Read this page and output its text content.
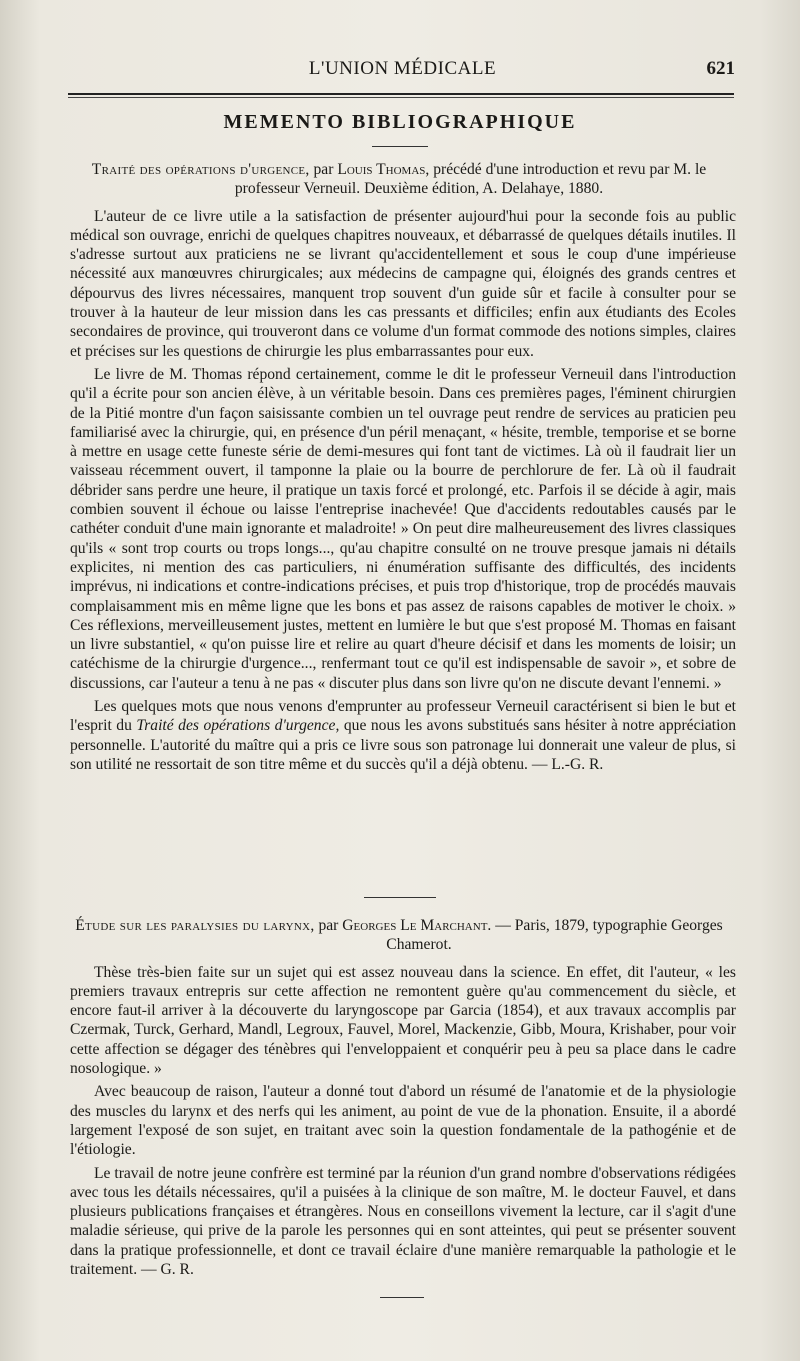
L'UNION MÉDICALE	621
MEMENTO BIBLIOGRAPHIQUE

Traité des opérations d'urgence, par Louis Thomas, précédé d'une introduction et revu par M. le professeur Verneuil. Deuxième édition, A. Delahaye, 1880.

L'auteur de ce livre utile a la satisfaction de présenter aujourd'hui pour la seconde fois au public médical son ouvrage, enrichi de quelques chapitres nouveaux, et débarrassé de quelques détails inutiles. Il s'adresse surtout aux praticiens ne se livrant qu'accidentellement et sous le coup d'une impérieuse nécessité aux manœuvres chirurgicales; aux médecins de campagne qui, éloignés des grands centres et dépourvus des livres nécessaires, manquent trop souvent d'un guide sûr et facile à consulter pour se trouver à la hauteur de leur mission dans les cas pressants et difficiles; enfin aux étudiants des Ecoles secondaires de province, qui trouveront dans ce volume d'un format commode des notions simples, claires et précises sur les questions de chirurgie les plus embarrassantes pour eux.

Le livre de M. Thomas répond certainement, comme le dit le professeur Verneuil dans l'introduction qu'il a écrite pour son ancien élève, à un véritable besoin. Dans ces premières pages, l'éminent chirurgien de la Pitié montre d'un façon saisissante combien un tel ouvrage peut rendre de services au praticien peu familiarisé avec la chirurgie, qui, en présence d'un péril menaçant, « hésite, tremble, temporise et se borne à mettre en usage cette funeste série de demi-mesures qui font tant de victimes. Là où il faudrait lier un vaisseau récemment ouvert, il tamponne la plaie ou la bourre de perchlorure de fer. Là où il faudrait débrider sans perdre une heure, il pratique un taxis forcé et prolongé, etc. Parfois il se décide à agir, mais combien souvent il échoue ou laisse l'entreprise inachevée! Que d'accidents redoutables causés par le cathéter conduit d'une main ignorante et maladroite! » On peut dire malheureusement des livres classiques qu'ils « sont trop courts ou trops longs..., qu'au chapitre consulté on ne trouve presque jamais ni détails explicites, ni mention des cas particuliers, ni énumération suffisante des difficultés, des incidents imprévus, ni indications et contre-indications précises, et puis trop d'historique, trop de procédés mauvais complaisamment mis en même ligne que les bons et pas assez de raisons capables de motiver le choix. » Ces réflexions, merveilleusement justes, mettent en lumière le but que s'est proposé M. Thomas en faisant un livre substantiel, « qu'on puisse lire et relire au quart d'heure décisif et dans les moments de loisir; un catéchisme de la chirurgie d'urgence..., renfermant tout ce qu'il est indispensable de savoir », et sobre de discussions, car l'auteur a tenu à ne pas « discuter plus dans son livre qu'on ne discute devant l'ennemi. »

Les quelques mots que nous venons d'emprunter au professeur Verneuil caractérisent si bien le but et l'esprit du Traité des opérations d'urgence, que nous les avons substitués sans hésiter à notre appréciation personnelle. L'autorité du maître qui a pris ce livre sous son patronage lui donnerait une valeur de plus, si son utilité ne ressortait de son titre même et du succès qu'il a déjà obtenu. — L.-G. R.

Étude sur les paralysies du larynx, par Georges Le Marchant. — Paris, 1879, typographie Georges Chamerot.

Thèse très-bien faite sur un sujet qui est assez nouveau dans la science. En effet, dit l'auteur, « les premiers travaux entrepris sur cette affection ne remontent guère qu'au commencement du siècle, et encore faut-il arriver à la découverte du laryngoscope par Garcia (1854), et aux travaux accomplis par Czermak, Turck, Gerhard, Mandl, Legroux, Fauvel, Morel, Mackenzie, Gibb, Moura, Krishaber, pour voir cette affection se dégager des ténèbres qui l'enveloppaient et conquérir peu à peu sa place dans le cadre nosologique. »

Avec beaucoup de raison, l'auteur a donné tout d'abord un résumé de l'anatomie et de la physiologie des muscles du larynx et des nerfs qui les animent, au point de vue de la phonation. Ensuite, il a abordé largement l'exposé de son sujet, en traitant avec soin la question fondamentale de la pathogénie et de l'étiologie.

Le travail de notre jeune confrère est terminé par la réunion d'un grand nombre d'observations rédigées avec tous les détails nécessaires, qu'il a puisées à la clinique de son maître, M. le docteur Fauvel, et dans plusieurs publications françaises et étrangères. Nous en conseillons vivement la lecture, car il s'agit d'une maladie sérieuse, qui prive de la parole les personnes qui en sont atteintes, qui peut se présenter souvent dans la pratique professionnelle, et dont ce travail éclaire d'une manière remarquable la pathologie et le traitement. — G. R.
